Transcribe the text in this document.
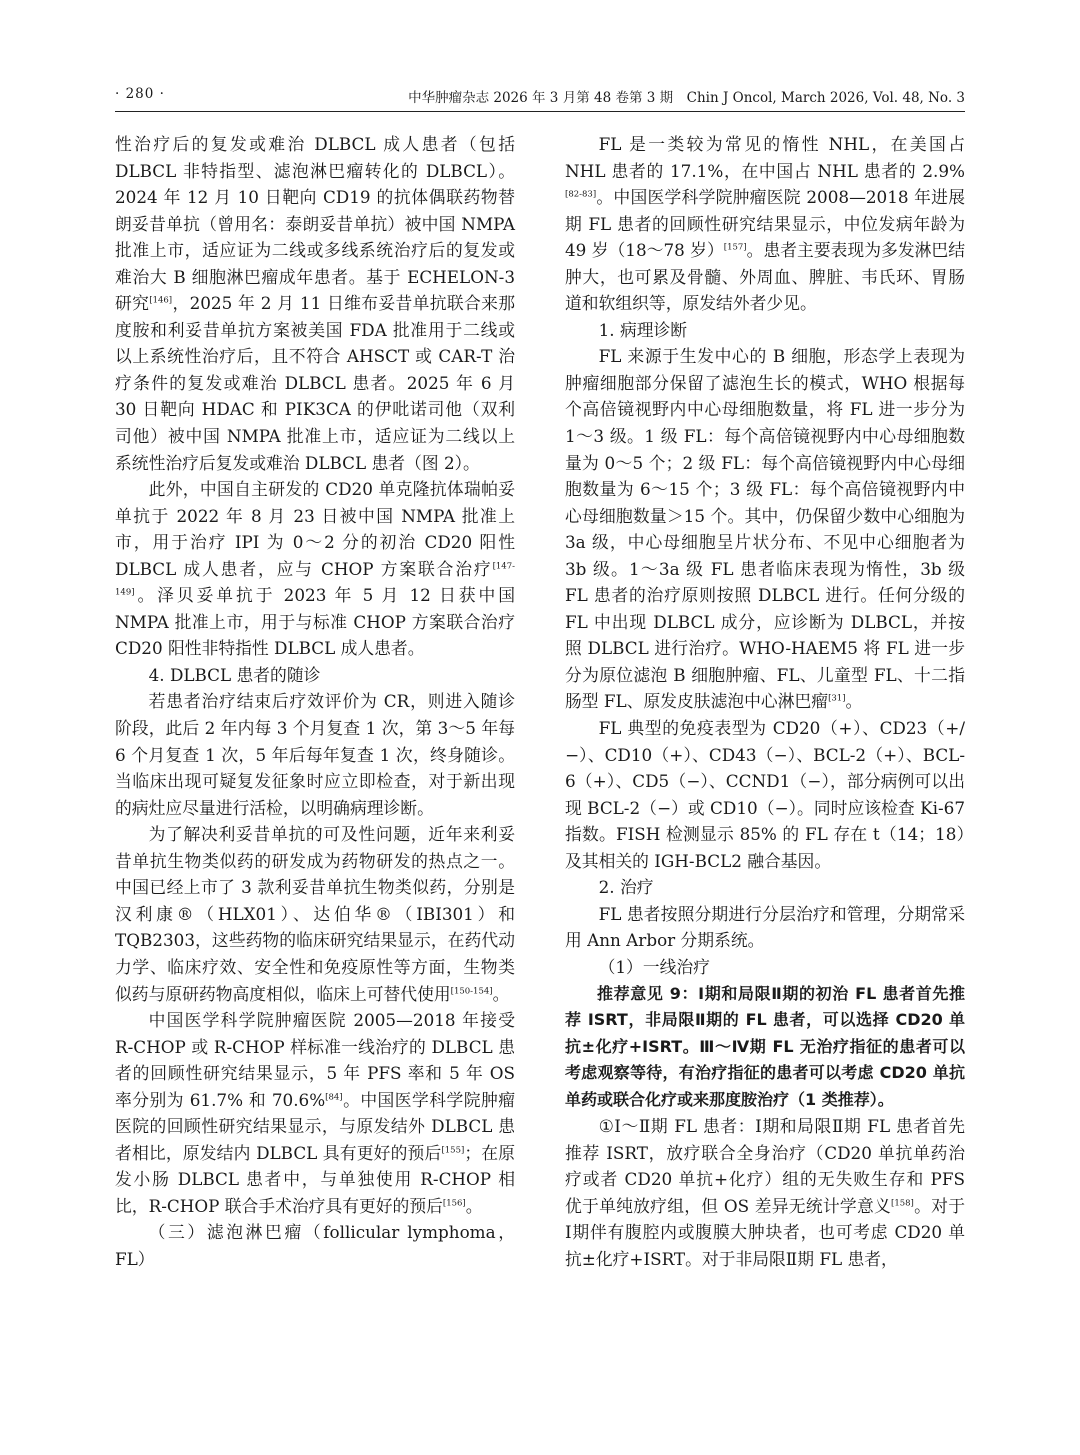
· 280 ·	中华肿瘤杂志 2026 年 3 月第 48 卷第 3 期　Chin J Oncol, March 2026, Vol. 48, No. 3

性治疗后的复发或难治 DLBCL 成人患者（包括 DLBCL 非特指型、滤泡淋巴瘤转化的 DLBCL）。2024 年 12 月 10 日靶向 CD19 的抗体偶联药物替朗妥昔单抗（曾用名：泰朗妥昔单抗）被中国 NMPA 批准上市，适应证为二线或多线系统治疗后的复发或难治大 B 细胞淋巴瘤成年患者。基于 ECHELON-3 研究[146]，2025 年 2 月 11 日维布妥昔单抗联合来那度胺和利妥昔单抗方案被美国 FDA 批准用于二线或以上系统性治疗后，且不符合 AHSCT 或 CAR-T 治疗条件的复发或难治 DLBCL 患者。2025 年 6 月 30 日靶向 HDAC 和 PIK3CA 的伊吡诺司他（双利司他）被中国 NMPA 批准上市，适应证为二线以上系统性治疗后复发或难治 DLBCL 患者（图 2）。

此外，中国自主研发的 CD20 单克隆抗体瑞帕妥单抗于 2022 年 8 月 23 日被中国 NMPA 批准上市，用于治疗 IPI 为 0～2 分的初治 CD20 阳性 DLBCL 成人患者，应与 CHOP 方案联合治疗[147-149]。泽贝妥单抗于 2023 年 5 月 12 日获中国 NMPA 批准上市，用于与标准 CHOP 方案联合治疗 CD20 阳性非特指性 DLBCL 成人患者。

4. DLBCL 患者的随诊

若患者治疗结束后疗效评价为 CR，则进入随诊阶段，此后 2 年内每 3 个月复查 1 次，第 3～5 年每 6 个月复查 1 次，5 年后每年复查 1 次，终身随诊。当临床出现可疑复发征象时应立即检查，对于新出现的病灶应尽量进行活检，以明确病理诊断。

为了解决利妥昔单抗的可及性问题，近年来利妥昔单抗生物类似药的研发成为药物研发的热点之一。中国已经上市了 3 款利妥昔单抗生物类似药，分别是汉利康®（HLX01）、达伯华®（IBI301）和 TQB2303，这些药物的临床研究结果显示，在药代动力学、临床疗效、安全性和免疫原性等方面，生物类似药与原研药物高度相似，临床上可替代使用[150-154]。

中国医学科学院肿瘤医院 2005—2018 年接受 R-CHOP 或 R-CHOP 样标准一线治疗的 DLBCL 患者的回顾性研究结果显示，5 年 PFS 率和 5 年 OS 率分别为 61.7% 和 70.6%[84]。中国医学科学院肿瘤医院的回顾性研究结果显示，与原发结外 DLBCL 患者相比，原发结内 DLBCL 具有更好的预后[155]；在原发小肠 DLBCL 患者中，与单独使用 R-CHOP 相比，R-CHOP 联合手术治疗具有更好的预后[156]。

（三）滤泡淋巴瘤（follicular lymphoma，FL）

FL 是一类较为常见的惰性 NHL，在美国占 NHL 患者的 17.1%，在中国占 NHL 患者的 2.9%[82-83]。中国医学科学院肿瘤医院 2008—2018 年进展期 FL 患者的回顾性研究结果显示，中位发病年龄为 49 岁（18～78 岁）[157]。患者主要表现为多发淋巴结肿大，也可累及骨髓、外周血、脾脏、韦氏环、胃肠道和软组织等，原发结外者少见。

1. 病理诊断

FL 来源于生发中心的 B 细胞，形态学上表现为肿瘤细胞部分保留了滤泡生长的模式，WHO 根据每个高倍镜视野内中心母细胞数量，将 FL 进一步分为 1～3 级。1 级 FL：每个高倍镜视野内中心母细胞数量为 0～5 个；2 级 FL：每个高倍镜视野内中心母细胞数量为 6～15 个；3 级 FL：每个高倍镜视野内中心母细胞数量＞15 个。其中，仍保留少数中心细胞为 3a 级，中心母细胞呈片状分布、不见中心细胞者为 3b 级。1～3a 级 FL 患者临床表现为惰性，3b 级 FL 患者的治疗原则按照 DLBCL 进行。任何分级的 FL 中出现 DLBCL 成分，应诊断为 DLBCL，并按照 DLBCL 进行治疗。WHO-HAEM5 将 FL 进一步分为原位滤泡 B 细胞肿瘤、FL、儿童型 FL、十二指肠型 FL、原发皮肤滤泡中心淋巴瘤[31]。

FL 典型的免疫表型为 CD20（+）、CD23（+/−）、CD10（+）、CD43（−）、BCL-2（+）、BCL-6（+）、CD5（−）、CCND1（−），部分病例可以出现 BCL-2（−）或 CD10（−）。同时应该检查 Ki-67 指数。FISH 检测显示 85% 的 FL 存在 t（14；18）及其相关的 IGH-BCL2 融合基因。

2. 治疗

FL 患者按照分期进行分层治疗和管理，分期常采用 Ann Arbor 分期系统。

（1）一线治疗

推荐意见 9：Ⅰ期和局限Ⅱ期的初治 FL 患者首先推荐 ISRT，非局限Ⅱ期的 FL 患者，可以选择 CD20 单抗±化疗+ISRT。Ⅲ～Ⅳ期 FL 无治疗指征的患者可以考虑观察等待，有治疗指征的患者可以考虑 CD20 单抗单药或联合化疗或来那度胺治疗（1 类推荐）。

①Ⅰ～Ⅱ期 FL 患者：Ⅰ期和局限Ⅱ期 FL 患者首先推荐 ISRT，放疗联合全身治疗（CD20 单抗单药治疗或者 CD20 单抗+化疗）组的无失败生存和 PFS 优于单纯放疗组，但 OS 差异无统计学意义[158]。对于Ⅰ期伴有腹腔内或腹膜大肿块者，也可考虑 CD20 单抗±化疗+ISRT。对于非局限Ⅱ期 FL 患者，
